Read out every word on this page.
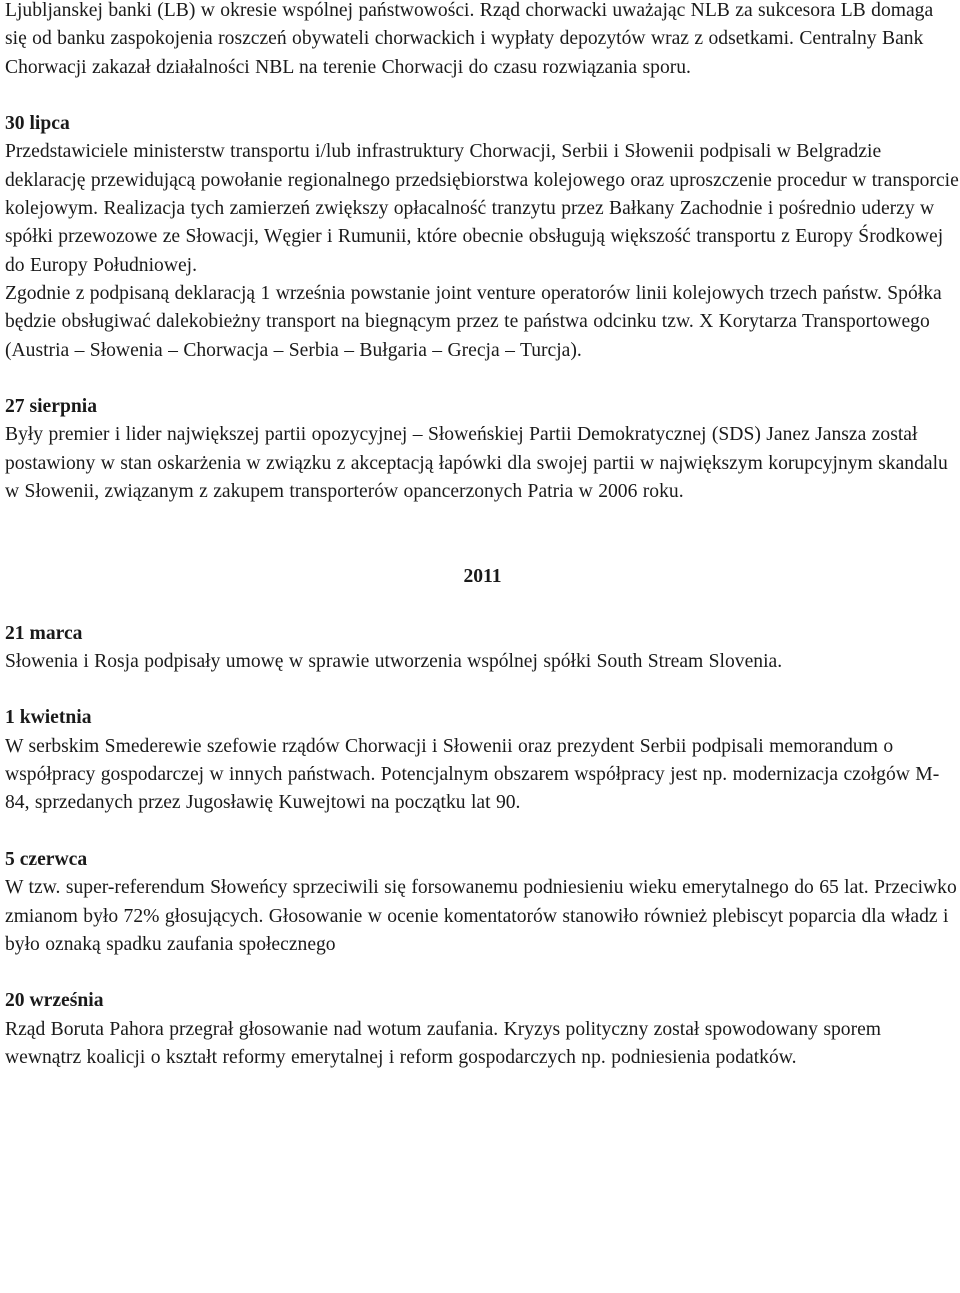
Ljubljanskej banki (LB) w okresie wspólnej państwowości. Rząd chorwacki uważając NLB za sukcesora LB domaga się od banku zaspokojenia roszczeń obywateli chorwackich i wypłaty depozytów wraz z odsetkami. Centralny Bank Chorwacji zakazał działalności NBL na terenie Chorwacji do czasu rozwiązania sporu.

30 lipca

Przedstawiciele ministerstw transportu i/lub infrastruktury Chorwacji, Serbii i Słowenii podpisali w Belgradzie deklarację przewidującą powołanie regionalnego przedsiębiorstwa kolejowego oraz uproszczenie procedur w transporcie kolejowym. Realizacja tych zamierzeń zwiększy opłacalność tranzytu przez Bałkany Zachodnie i pośrednio uderzy w spółki przewozowe ze Słowacji, Węgier i Rumunii, które obecnie obsługują większość transportu z Europy Środkowej do Europy Południowej.

Zgodnie z podpisaną deklaracją 1 września powstanie joint venture operatorów linii kolejowych trzech państw. Spółka będzie obsługiwać dalekobieżny transport na biegnącym przez te państwa odcinku tzw. X Korytarza Transportowego (Austria – Słowenia – Chorwacja – Serbia – Bułgaria – Grecja – Turcja).

27 sierpnia

Były premier i lider największej partii opozycyjnej – Słoweńskiej Partii Demokratycznej (SDS) Janez Jansza został postawiony w stan oskarżenia w związku z akceptacją łapówki dla swojej partii w największym korupcyjnym skandalu w Słowenii, związanym z zakupem transporterów opancerzonych Patria w 2006 roku.

2011

21 marca

Słowenia i Rosja podpisały umowę w sprawie utworzenia wspólnej spółki South Stream Slovenia.

1 kwietnia

W serbskim Smederewie szefowie rządów Chorwacji i Słowenii oraz prezydent Serbii podpisali memorandum o współpracy gospodarczej w innych państwach. Potencjalnym obszarem współpracy jest np. modernizacja czołgów M-84, sprzedanych przez Jugosławię Kuwejtowi na początku lat 90.

5 czerwca

W tzw. super-referendum Słoweńcy sprzeciwili się forsowanemu podniesieniu wieku emerytalnego do 65 lat. Przeciwko zmianom było 72% głosujących. Głosowanie w ocenie komentatorów stanowiło również plebiscyt poparcia dla władz i było oznaką spadku zaufania społecznego

20 września

Rząd Boruta Pahora przegrał głosowanie nad wotum zaufania. Kryzys polityczny został spowodowany sporem wewnątrz koalicji o kształt reformy emerytalnej i reform gospodarczych np. podniesienia podatków.
